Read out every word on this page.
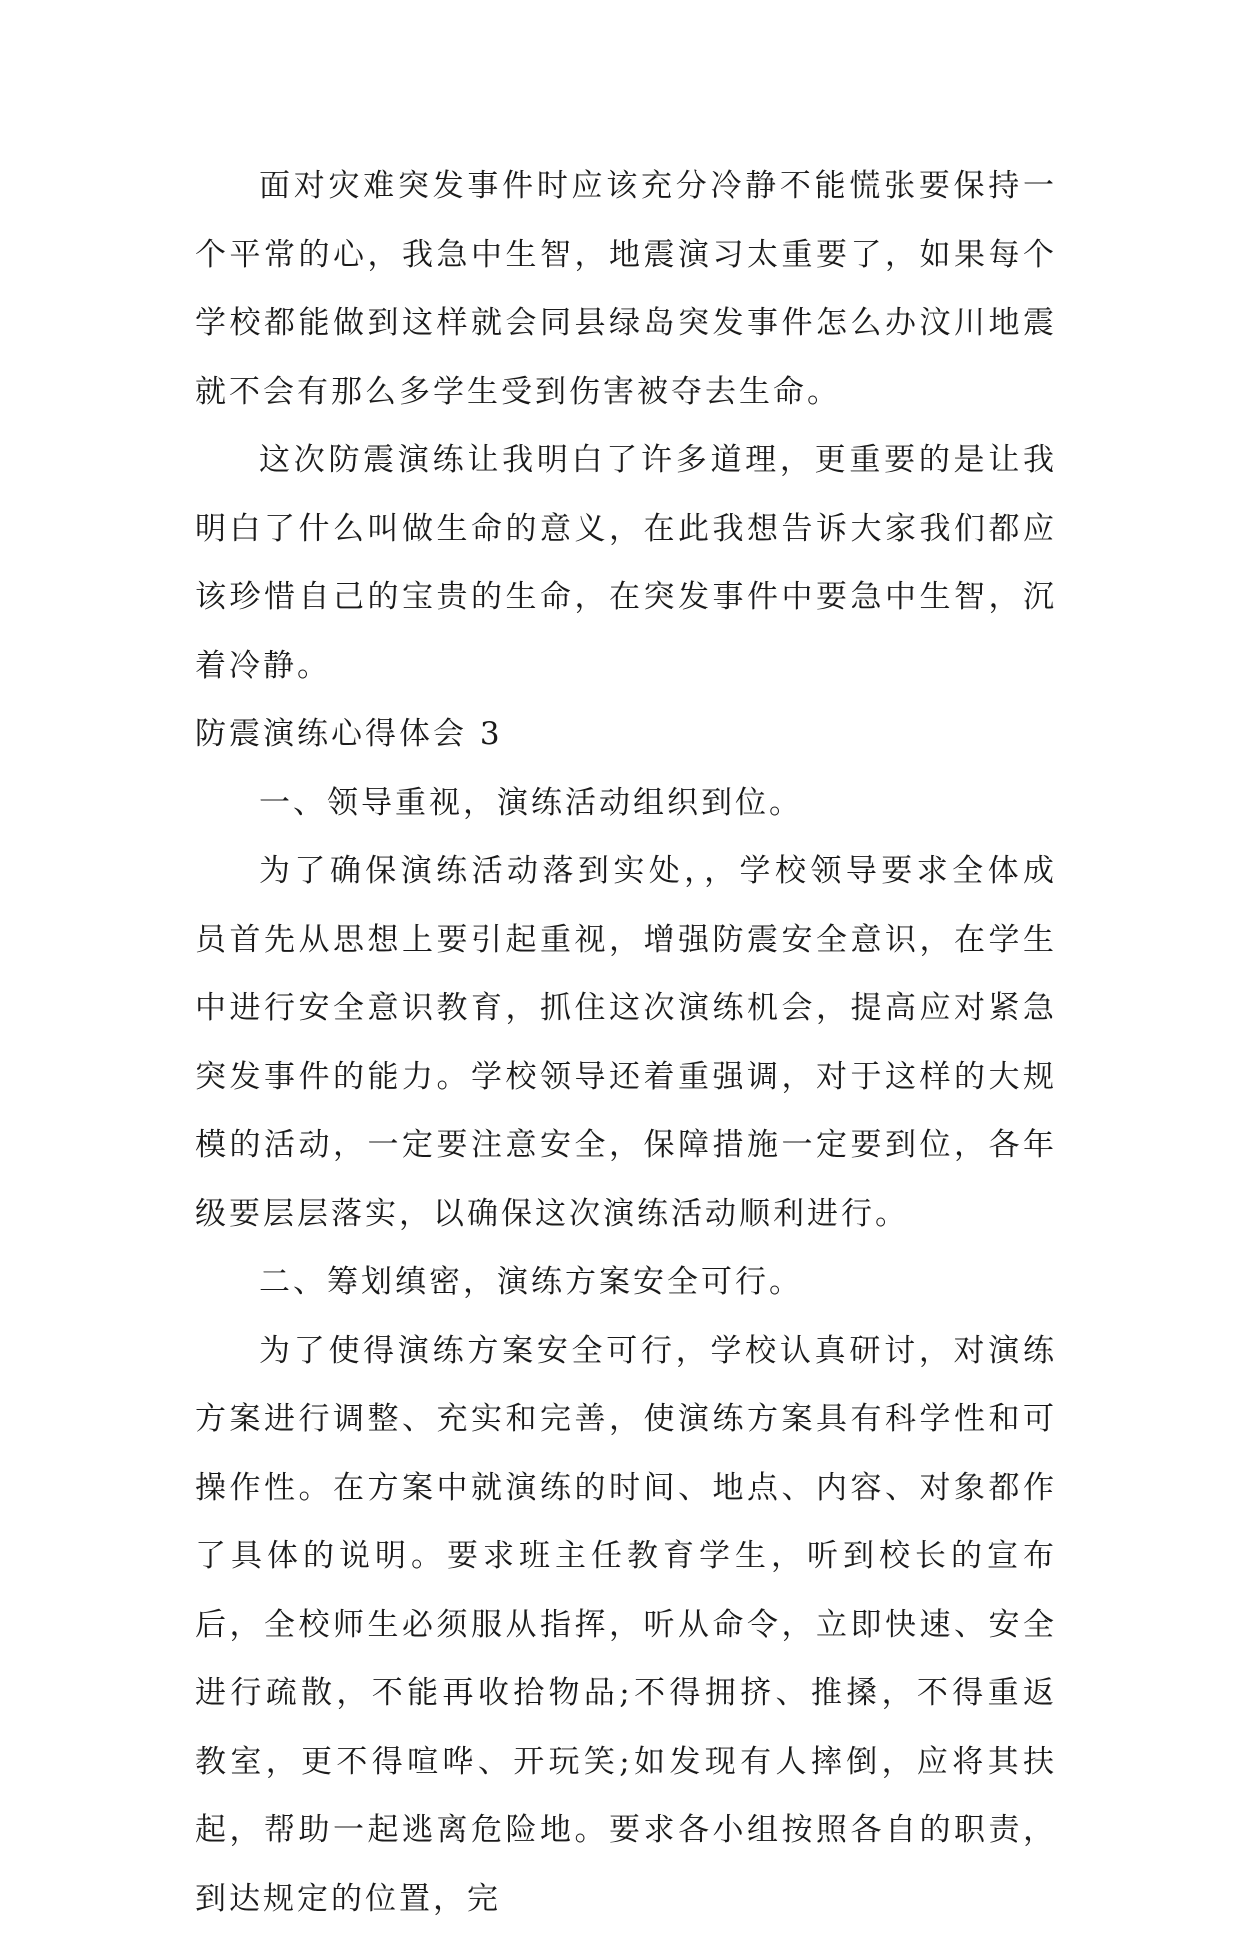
面对灾难突发事件时应该充分冷静不能慌张要保持一个平常的心，我急中生智，地震演习太重要了，如果每个学校都能做到这样就会同县绿岛突发事件怎么办汶川地震就不会有那么多学生受到伤害被夺去生命。

这次防震演练让我明白了许多道理，更重要的是让我明白了什么叫做生命的意义，在此我想告诉大家我们都应该珍惜自己的宝贵的生命，在突发事件中要急中生智，沉着冷静。

防震演练心得体会 3

一、领导重视，演练活动组织到位。

为了确保演练活动落到实处，，学校领导要求全体成员首先从思想上要引起重视，增强防震安全意识，在学生中进行安全意识教育，抓住这次演练机会，提高应对紧急突发事件的能力。学校领导还着重强调，对于这样的大规模的活动，一定要注意安全，保障措施一定要到位，各年级要层层落实，以确保这次演练活动顺利进行。

二、筹划缜密，演练方案安全可行。

为了使得演练方案安全可行，学校认真研讨，对演练方案进行调整、充实和完善，使演练方案具有科学性和可操作性。在方案中就演练的时间、地点、内容、对象都作了具体的说明。要求班主任教育学生，听到校长的宣布后，全校师生必须服从指挥，听从命令，立即快速、安全进行疏散，不能再收拾物品;不得拥挤、推搡，不得重返教室，更不得喧哗、开玩笑;如发现有人摔倒，应将其扶起，帮助一起逃离危险地。要求各小组按照各自的职责，到达规定的位置，完
